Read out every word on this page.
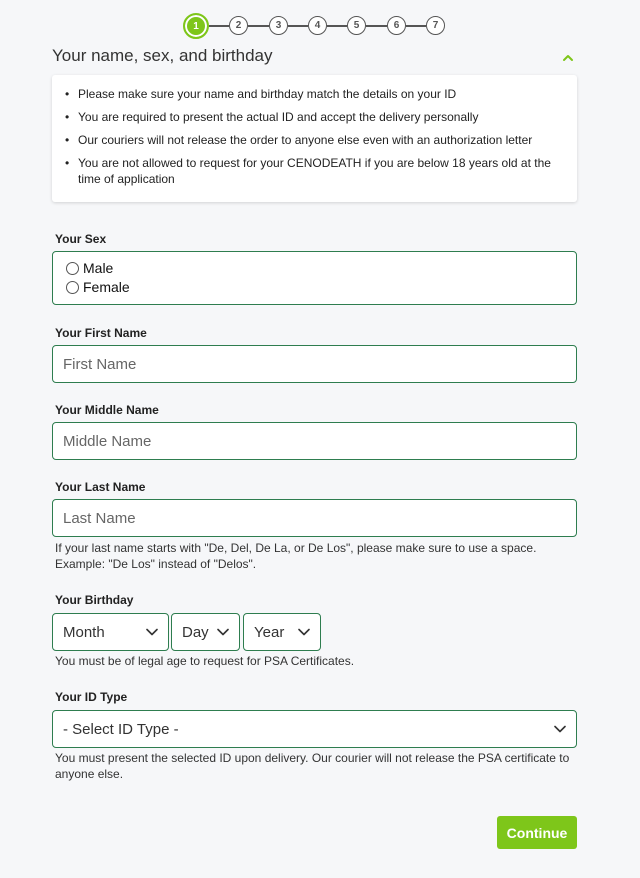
1	2	3	4	5	6	7
Your name, sex, and birthday
• Please make sure your name and birthday match the details on your ID
• You are required to present the actual ID and accept the delivery personally
• Our couriers will not release the order to anyone else even with an authorization letter
• You are not allowed to request for your CENODEATH if you are below 18 years old at the time of application
Your Sex
Male
Female
Your First Name
First Name
Your Middle Name
Middle Name
Your Last Name
Last Name
If your last name starts with "De, Del, De La, or De Los", please make sure to use a space. Example: "De Los" instead of "Delos".
Your Birthday
Month	Day	Year
You must be of legal age to request for PSA Certificates.
Your ID Type
- Select ID Type -
You must present the selected ID upon delivery. Our courier will not release the PSA certificate to anyone else.
Continue
